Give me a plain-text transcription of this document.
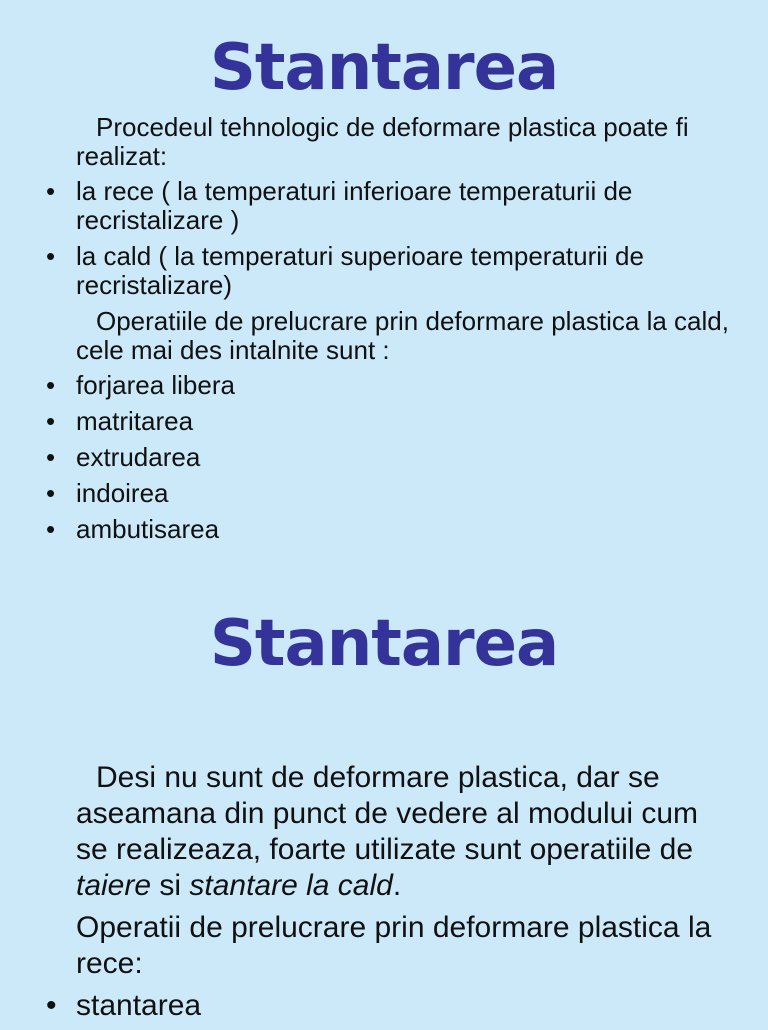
Stantarea

Procedeul tehnologic de deformare plastica poate fi realizat:

• la rece ( la temperaturi inferioare temperaturii de recristalizare )
• la cald ( la temperaturi superioare temperaturii de recristalizare)

Operatiile de prelucrare prin deformare plastica la cald, cele mai des intalnite sunt :

• forjarea libera
• matritarea
• extrudarea
• indoirea
• ambutisarea
Stantarea

Desi nu sunt de deformare plastica, dar se aseamana din punct de vedere al modului cum se realizeaza, foarte utilizate sunt operatiile de taiere si stantare la cald.

Operatii de prelucrare prin deformare plastica la rece:

• stantarea
